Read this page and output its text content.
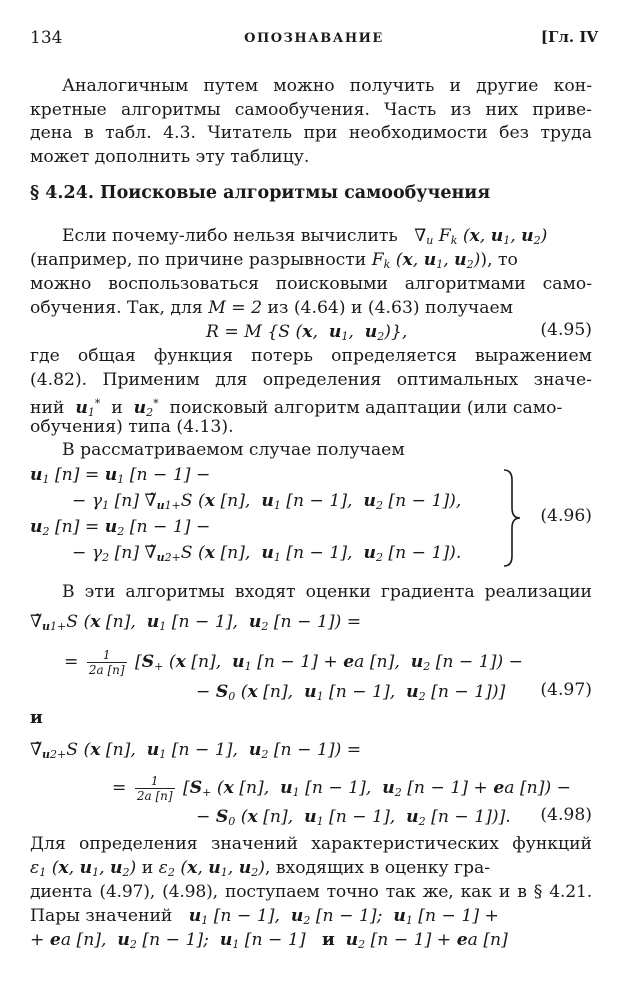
134	ОПОЗНАВАНИЕ	[Гл. IV
Аналогичным путем можно получить и другие кон-
кретные алгоритмы самообучения. Часть из них приве-
дена в табл. 4.3. Читатель при необходимости без труда
может дополнить эту таблицу.
§ 4.24. Поисковые алгоритмы самообучения
Если почему-либо нельзя вычислить   $\nabla_u$ $F_k$ (x, $u_1$, $u_2$)
(например, по причине разрывности $F_k$ (x, $u_1$, $u_2$)), то
можно воспользоваться поисковыми алгоритмами само-
обучения. Так, для M = 2 из (4.64) и (4.63) получаем
R = M {S (x,  $u_1$,  $u_2$)},	(4.95)
где общая функция потерь определяется выражением
(4.82). Применим для определения оптимальных значе-
ний $u_1^*$ и $u_2^*$ поисковый алгоритм адаптации (или само-
обучения) типа (4.13).
В рассматриваемом случае получаем
$u_1$ $[n] = u_1$ [n − 1] −
− $\gamma_1$ [n] $\nablã_{u1+}S$ (x [n],  $u_1$ [n − 1],  $u_2$ [n − 1]),
$u_2$ $[n] = u_2$ [n − 1] −
− $\gamma_2$ [n] $\nablã_{u2+}S$ (x [n],  $u_1$ [n − 1],  $u_2$ [n − 1]).
(4.96)
В эти алгоритмы входят оценки градиента реализации
$\nablã_{u1+}S$ (x [n],  $u_1$ [n − 1],  $u_2$ [n − 1]) =
= $\frac{1}{2a [n]} [S_+$ (x [n],  $u_1$ [n − 1] + ea [n],  $u_2$ [n − 1]) −
− $S_0$ (x [n],  $u_1$ [n − 1],  $u_2$ [n − 1])] (4.97)
и
$\nablã_{u2+}S$ (x [n],  $u_1$ [n − 1],  $u_2$ [n − 1]) =
= $\frac{1}{2a [n]} [S_+$ (x [n],  $u_1$ [n − 1],  $u_2$ [n − 1] + ea [n]) −
− $S_0$ (x [n],  $u_1$ [n − 1],  $u_2$ [n − 1])]. (4.98)
Для определения значений характеристических функций
$\varepsilon_1$ (x, $u_1$, $u_2$) и $\varepsilon_2$ (x, $u_1$, $u_2$), входящих в оценку гра-
диента (4.97), (4.98), поступаем точно так же, как и в § 4.21.
Пары значений $u_1$ [n − 1],  $u_2$ [n − 1];  $u_1$ [n − 1] +
+ ea [n],  $u_2$ [n − 1];  $u_1$ [n − 1]   и $u_2$ [n − 1] + ea [n]
